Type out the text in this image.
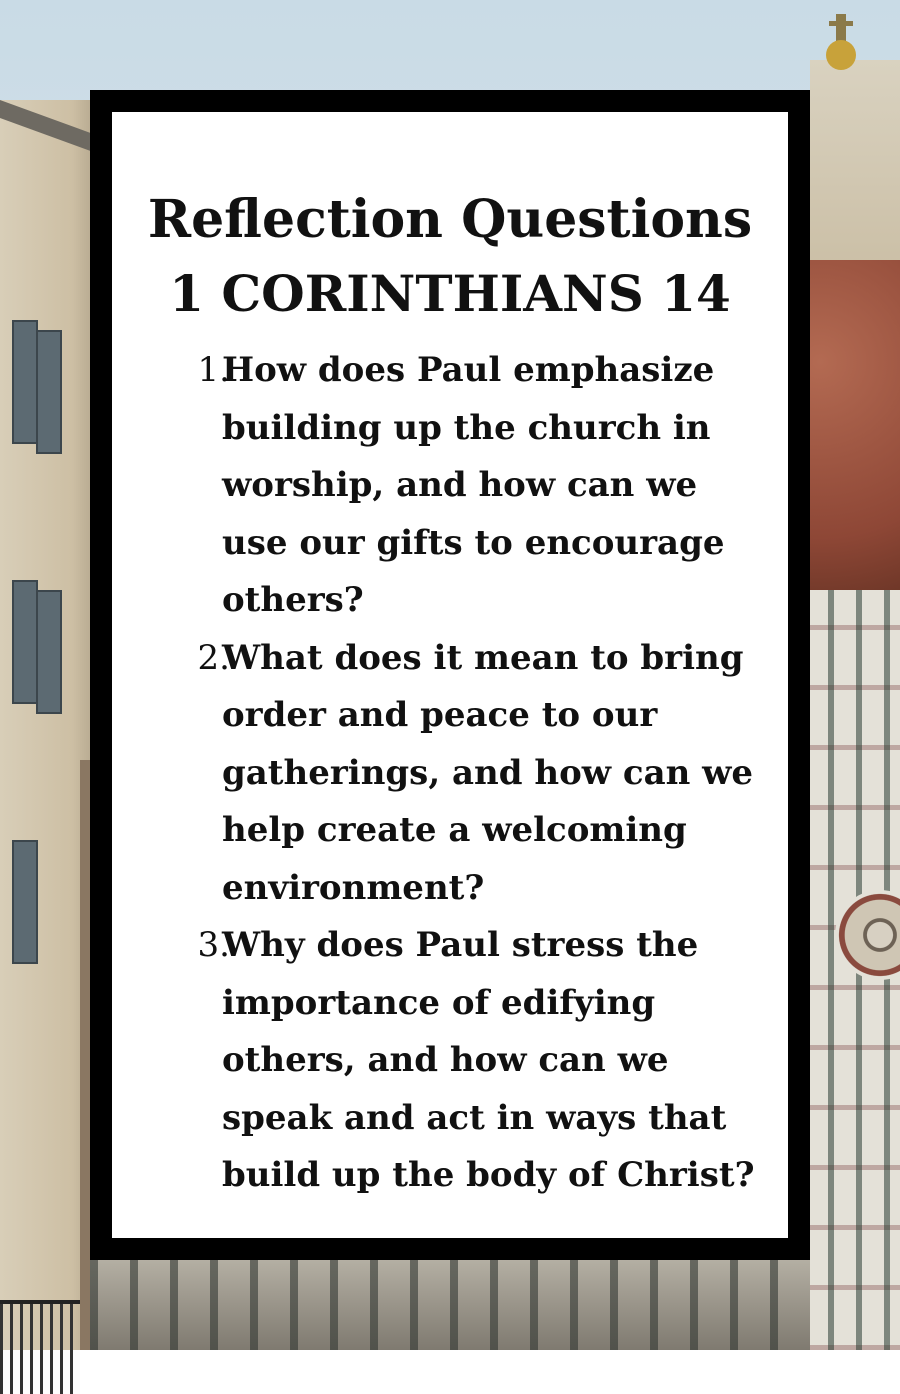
Reflection Questions
1 CORINTHIANS 14
1.
How does Paul emphasize building up the church in worship, and how can we use our gifts to encourage others?
2.
What does it mean to bring order and peace to our gatherings, and how can we help create a welcoming environment?
3.
Why does Paul stress the importance of edifying others, and how can we speak and act in ways that build up the body of Christ?
